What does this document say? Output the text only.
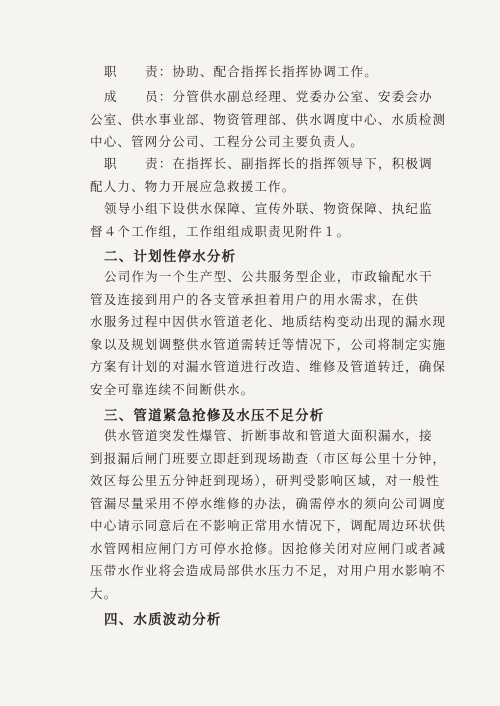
职　　责：协助、配合指挥长指挥协调工作。
成　　员：分管供水副总经理、党委办公室、安委会办
公室、供水事业部、物资管理部、供水调度中心、水质检测
中心、管网分公司、工程分公司主要负责人。
职　　责：在指挥长、副指挥长的指挥领导下，积极调
配人力、物力开展应急救援工作。
领导小组下设供水保障、宣传外联、物资保障、执纪监
督４个工作组，工作组组成职责见附件１。
二、计划性停水分析
公司作为一个生产型、公共服务型企业，市政输配水干
管及连接到用户的各支管承担着用户的用水需求，在供
水服务过程中因供水管道老化、地质结构变动出现的漏水现
象以及规划调整供水管道需转迁等情况下，公司将制定实施
方案有计划的对漏水管道进行改造、维修及管道转迁，确保
安全可靠连续不间断供水。
三、管道紧急抢修及水压不足分析
供水管道突发性爆管、折断事故和管道大面积漏水，接
到报漏后闸门班要立即赶到现场勘查（市区每公里十分钟，
效区每公里五分钟赶到现场），研判受影响区域，对一般性
管漏尽量采用不停水维修的办法，确需停水的须向公司调度
中心请示同意后在不影响正常用水情况下，调配周边环状供
水管网相应闸门方可停水抢修。因抢修关闭对应闸门或者减
压带水作业将会造成局部供水压力不足，对用户用水影响不
大。
四、水质波动分析
